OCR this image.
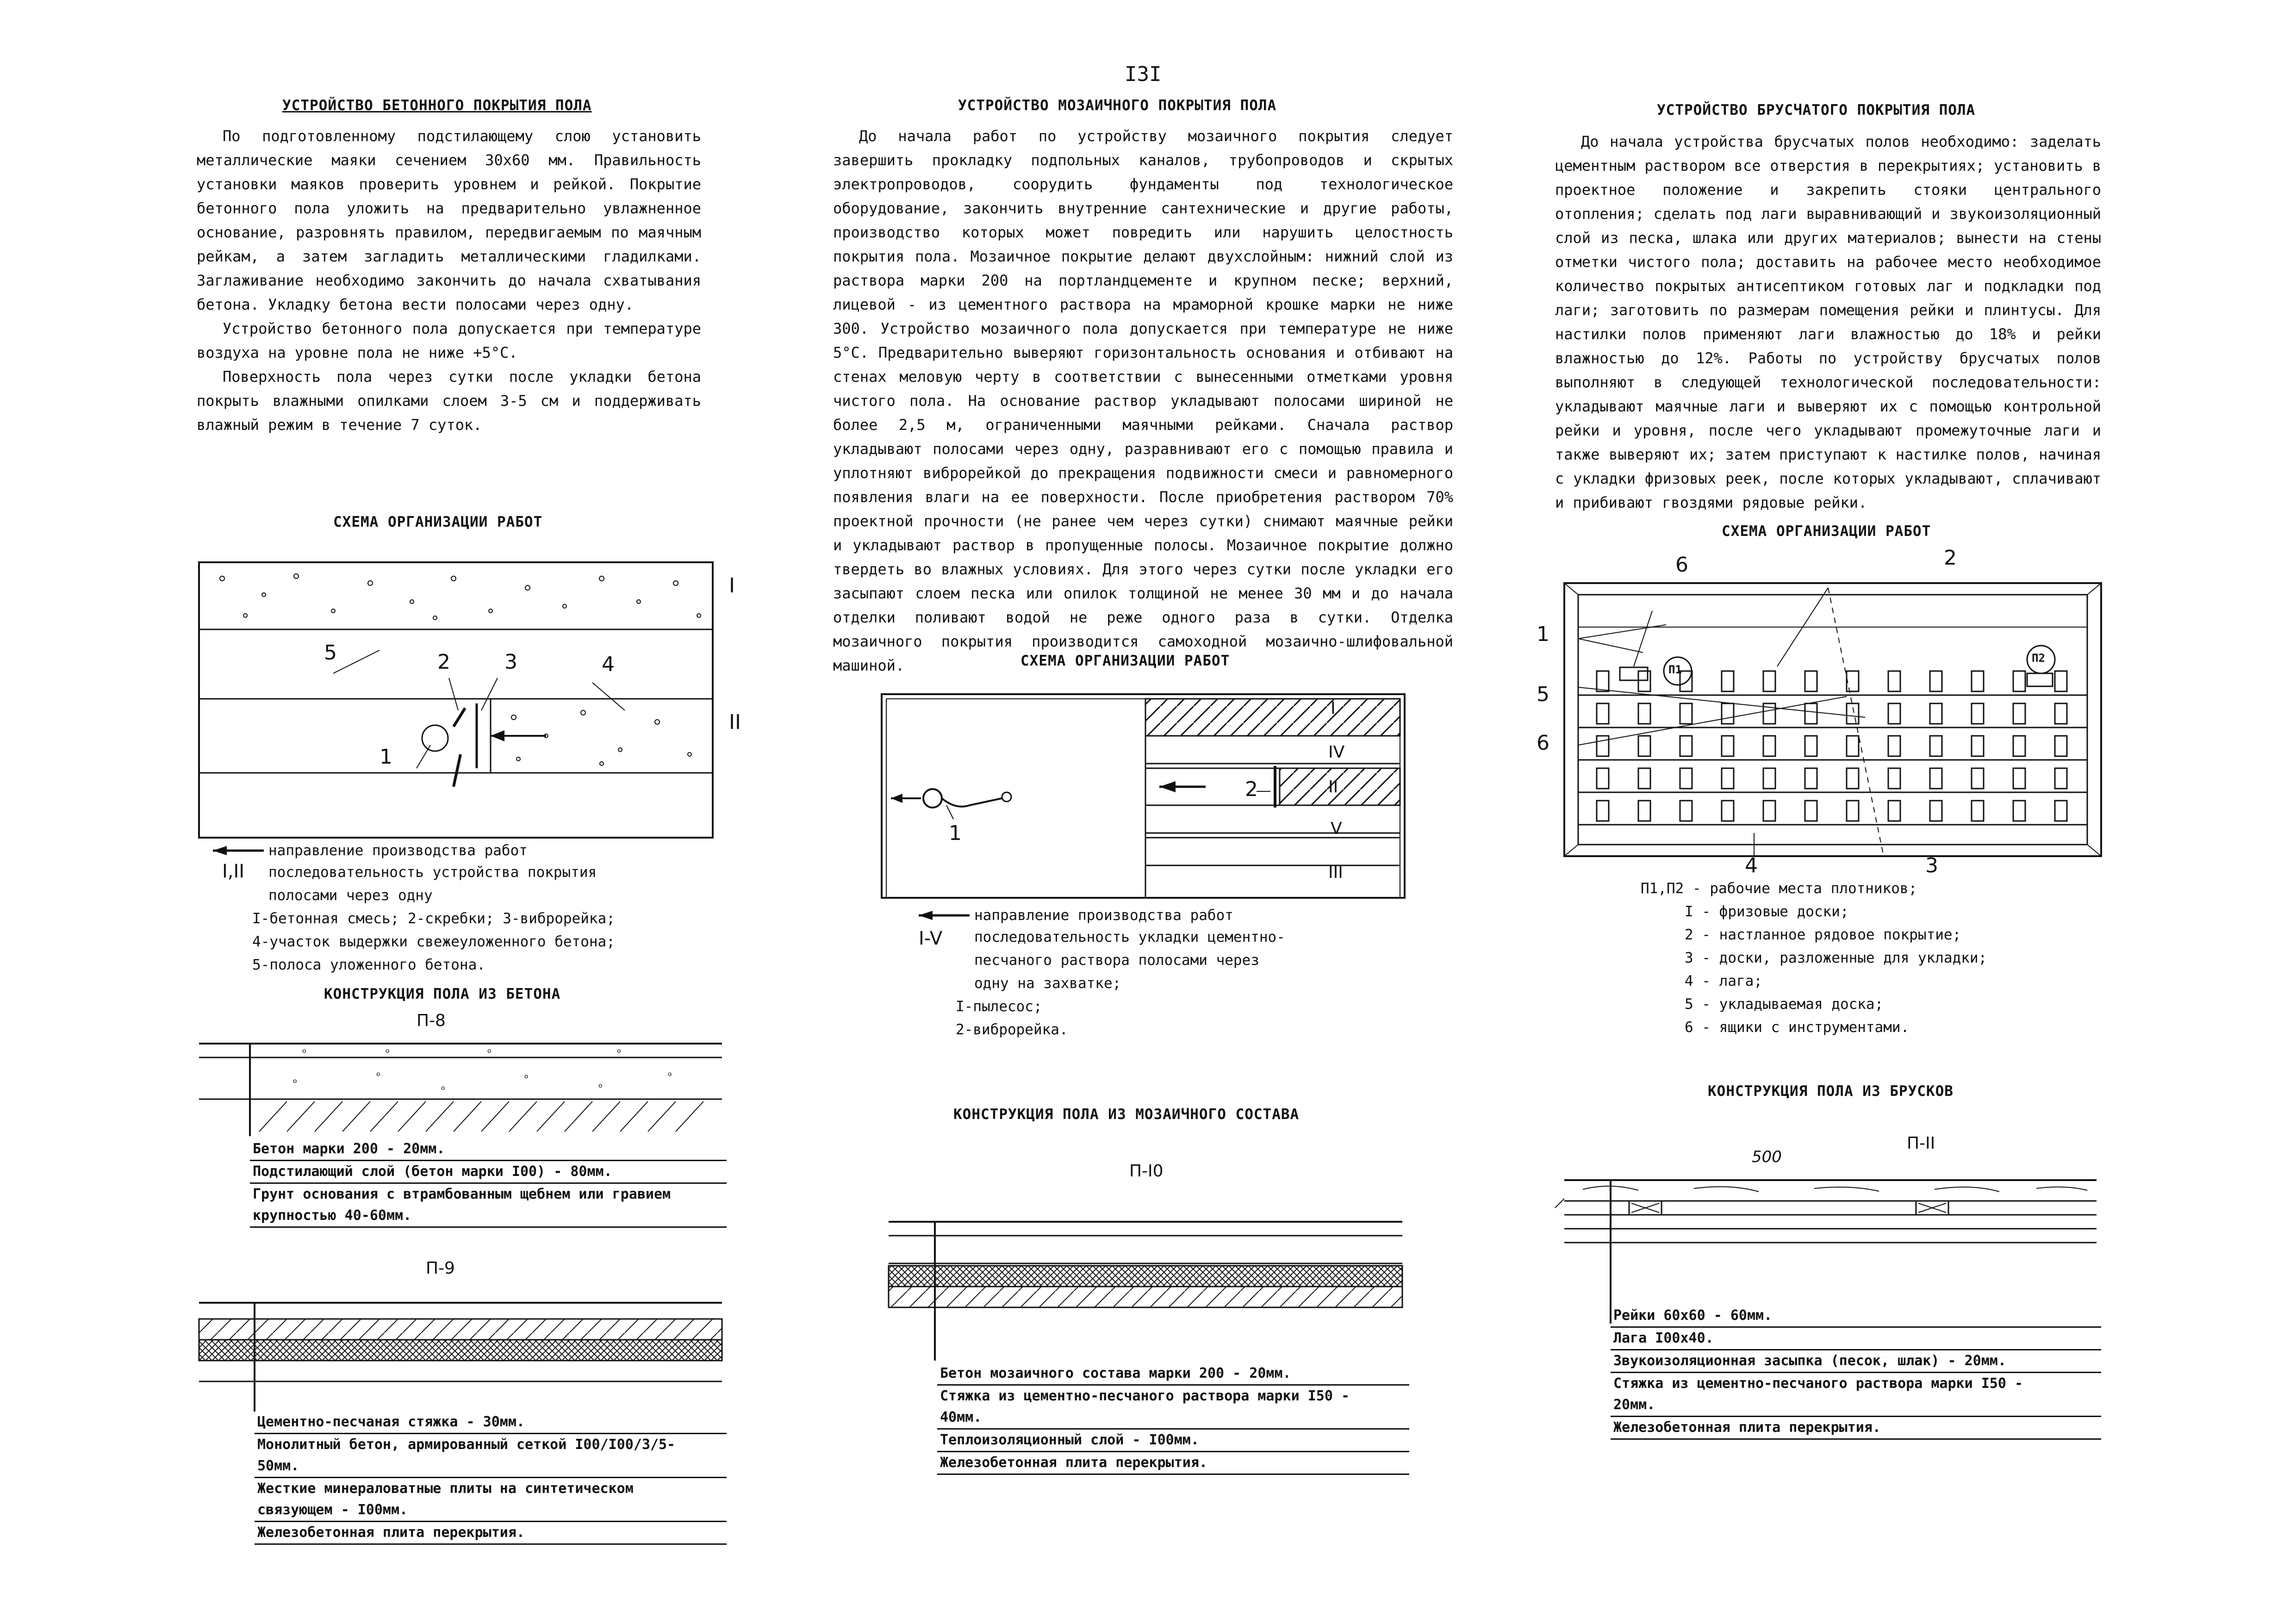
I3I
УСТРОЙСТВО БЕТОННОГО ПОКРЫТИЯ ПОЛА

По подготовленному подстилающему слою установить металлические маяки сечением 30х60 мм. Правильность установки маяков проверить уровнем и рейкой. Покрытие бетонного пола уложить на предварительно увлажненное основание, разровнять правилом, передвигаемым по маячным рейкам, а затем загладить металлическими гладилками. Заглаживание необходимо закончить до начала схватывания бетона. Укладку бетона вести полосами через одну.

Устройство бетонного пола допускается при температуре воздуха на уровне пола не ниже +5°С.

Поверхность пола через сутки после укладки бетона покрыть влажными опилками слоем 3-5 см и поддерживать влажный режим в течение 7 суток.

СХЕМА ОРГАНИЗАЦИИ РАБОТ
5	2	3	4
1
I
II
направление производства работ
I,II последовательность устройства покрытия
полосами через одну
I-бетонная смесь; 2-скребки; 3-виброрейка;
4-участок выдержки свежеуложенного бетона;
5-полоса уложенного бетона.
КОНСТРУКЦИЯ ПОЛА ИЗ БЕТОНА
П-8
ₒ	ₒ	ₒ	ₒ
ₒ
ₒ
ₒ
ₒ
ₒ
ₒ
Бетон марки 200 - 20мм.
Подстилающий слой (бетон марки I00) - 80мм.
Грунт основания с втрамбованным щебнем или гравием
крупностью 40-60мм.
П-9
Цементно-песчаная стяжка - 30мм.
Монолитный бетон, армированный сеткой I00/I00/3/5-
50мм.
Жесткие минераловатные плиты на синтетическом
связующем - I00мм.
Железобетонная плита перекрытия.
УСТРОЙСТВО МОЗАИЧНОГО ПОКРЫТИЯ ПОЛА

До начала работ по устройству мозаичного покрытия следует завершить прокладку подпольных каналов, трубопроводов и скрытых электропроводов, соорудить фундаменты под технологическое оборудование, закончить внутренние сантехнические и другие работы, производство которых может повредить или нарушить целостность покрытия пола. Мозаичное покрытие делают двухслойным: нижний слой из раствора марки 200 на портландцементе и крупном песке; верхний, лицевой - из цементного раствора на мраморной крошке марки не ниже 300. Устройство мозаичного пола допускается при температуре не ниже 5°С. Предварительно выверяют горизонтальность основания и отбивают на стенах меловую черту в соответствии с вынесенными отметками уровня чистого пола. На основание раствор укладывают полосами шириной не более 2,5 м, ограниченными маячными рейками. Сначала раствор укладывают полосами через одну, разравнивают его с помощью правила и уплотняют виброрейкой до прекращения подвижности смеси и равномерного появления влаги на ее поверхности. После приобретения раствором 70% проектной прочности (не ранее чем через сутки) снимают маячные рейки и укладывают раствор в пропущенные полосы. Мозаичное покрытие должно твердеть во влажных условиях. Для этого через сутки после укладки его засыпают слоем песка или опилок толщиной не менее 30 мм и до начала отделки поливают водой не реже одного раза в сутки. Отделка мозаичного покрытия производится самоходной мозаично-шлифовальной машиной.	СХЕМА ОРГАНИЗАЦИИ РАБОТ
1
2
I
IV
II
V
III
направление производства работ
I-V последовательность укладки цементно-
песчаного раствора полосами через
одну на захватке;
I-пылесос;
2-виброрейка.
КОНСТРУКЦИЯ ПОЛА ИЗ МОЗАИЧНОГО СОСТАВА
П-I0
Бетон мозаичного состава марки 200 - 20мм.
Стяжка из цементно-песчаного раствора марки I50 -
40мм.
Теплоизоляционный слой - I00мм.
Железобетонная плита перекрытия.
УСТРОЙСТВО БРУСЧАТОГО ПОКРЫТИЯ ПОЛА

До начала устройства брусчатых полов необходимо: заделать цементным раствором все отверстия в перекрытиях; установить в проектное положение и закрепить стояки центрального отопления; сделать под лаги выравнивающий и звукоизоляционный слой из песка, шлака или других материалов; вынести на стены отметки чистого пола; доставить на рабочее место необходимое количество покрытых антисептиком готовых лаг и подкладки под лаги; заготовить по размерам помещения рейки и плинтусы. Для настилки полов применяют лаги влажностью до 18% и рейки влажностью до 12%. Работы по устройству брусчатых полов выполняют в следующей технологической последовательности: укладывают маячные лаги и выверяют их с помощью контрольной рейки и уровня, после чего укладывают промежуточные лаги и также выверяют их; затем приступают к настилке полов, начиная с укладки фризовых реек, после которых укладывают, сплачивают и прибивают гвоздями рядовые рейки.

СХЕМА ОРГАНИЗАЦИИ РАБОТ
6	2
1
5
6
4	3
П1
П2
П1,П2 - рабочие места плотников;
I - фризовые доски;
2 - настланное рядовое покрытие;
3 - доски, разложенные для укладки;
4 - лага;
5 - укладываемая доска;
6 - ящики с инструментами.
КОНСТРУКЦИЯ ПОЛА ИЗ БРУСКОВ
500
П-II
Рейки 60х60 - 60мм.
Лага I00х40.
Звукоизоляционная засыпка (песок, шлак) - 20мм.
Стяжка из цементно-песчаного раствора марки I50 -
20мм.
Железобетонная плита перекрытия.
